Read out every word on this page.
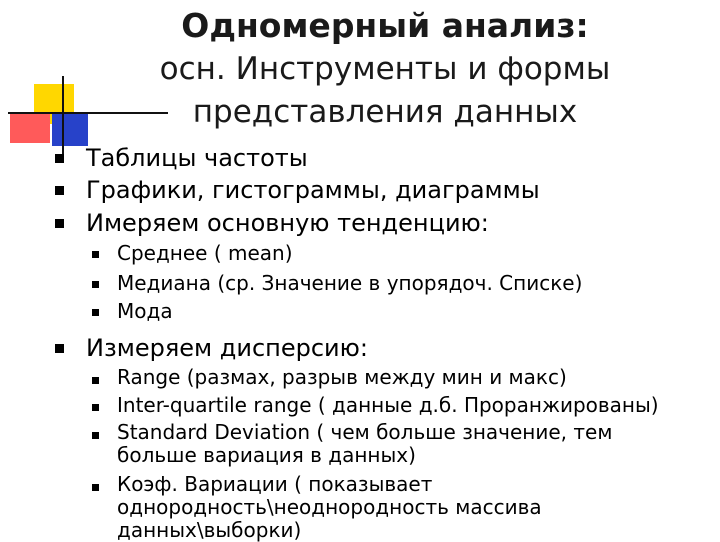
Одномерный анализ:
осн. Инструменты и формы
представления данных
Таблицы частоты
Графики, гистограммы, диаграммы
Имеряем основную тенденцию:
Среднее ( mean)
Медиана (ср. Значение в упорядоч. Списке)
Мода
Измеряем дисперсию:
Range (размах, разрыв между мин и макс)
Inter-quartile range ( данные д.б. Проранжированы)
Standard Deviation ( чем больше значение, тем
больше вариация в данных)
Коэф. Вариации ( показывает
однородность\неоднородность массива
данных\выборки)
